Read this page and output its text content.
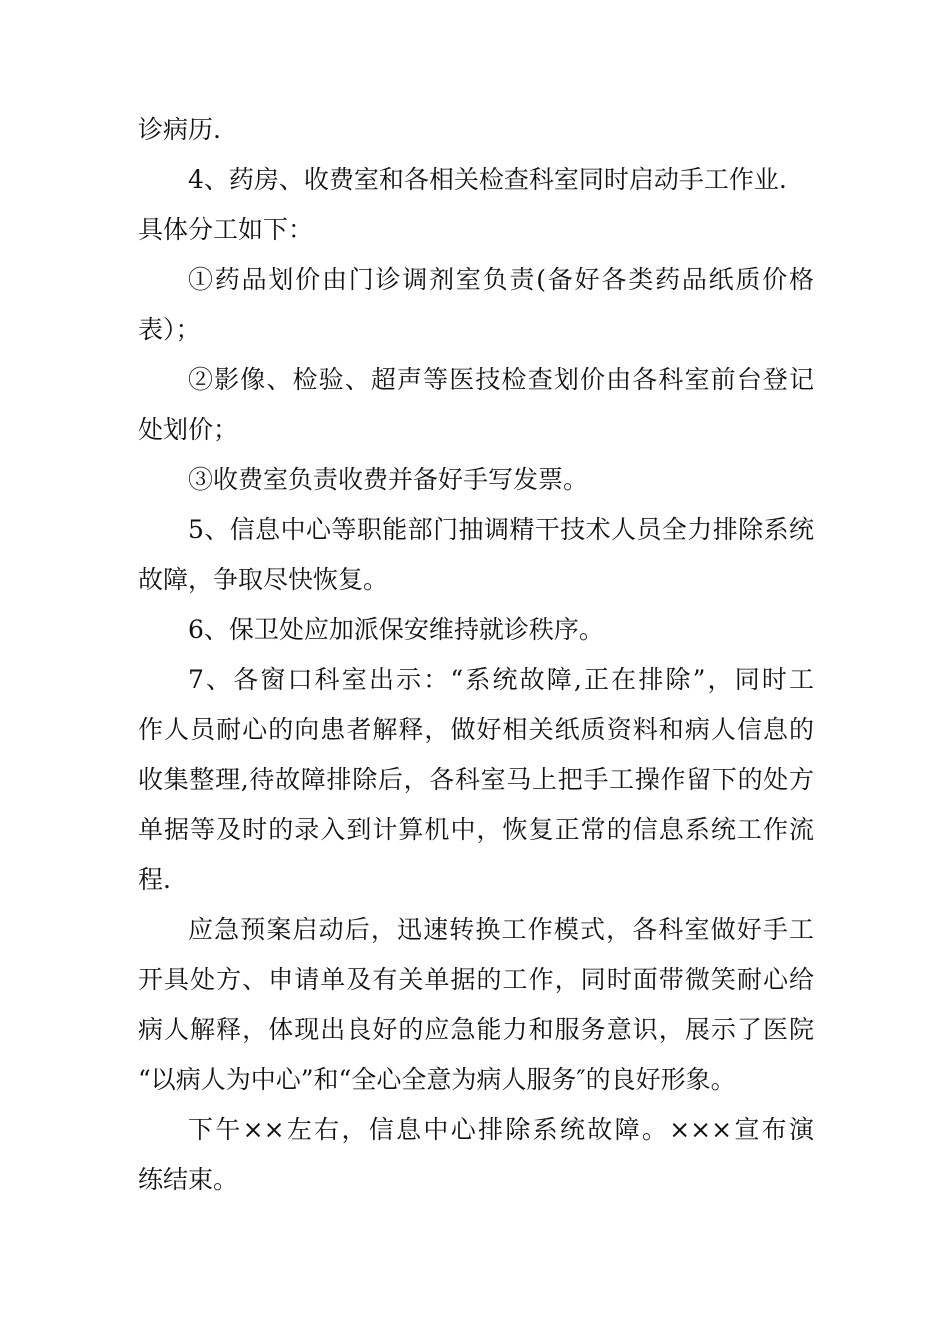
诊病历.
4、药房、收费室和各相关检查科室同时启动手工作业.
具体分工如下：
①药品划价由门诊调剂室负责(备好各类药品纸质价格
表）；
②影像、检验、超声等医技检查划价由各科室前台登记
处划价；
③收费室负责收费并备好手写发票。
5、信息中心等职能部门抽调精干技术人员全力排除系统
故障，争取尽快恢复。
6、保卫处应加派保安维持就诊秩序。
7、各窗口科室出示：“系统故障,正在排除”，同时工
作人员耐心的向患者解释，做好相关纸质资料和病人信息的
收集整理,待故障排除后，各科室马上把手工操作留下的处方
单据等及时的录入到计算机中，恢复正常的信息系统工作流
程.
应急预案启动后，迅速转换工作模式，各科室做好手工
开具处方、申请单及有关单据的工作，同时面带微笑耐心给
病人解释，体现出良好的应急能力和服务意识，展示了医院
“以病人为中心”和“全心全意为病人服务″的良好形象。
下午××左右，信息中心排除系统故障。×××宣布演
练结束。
